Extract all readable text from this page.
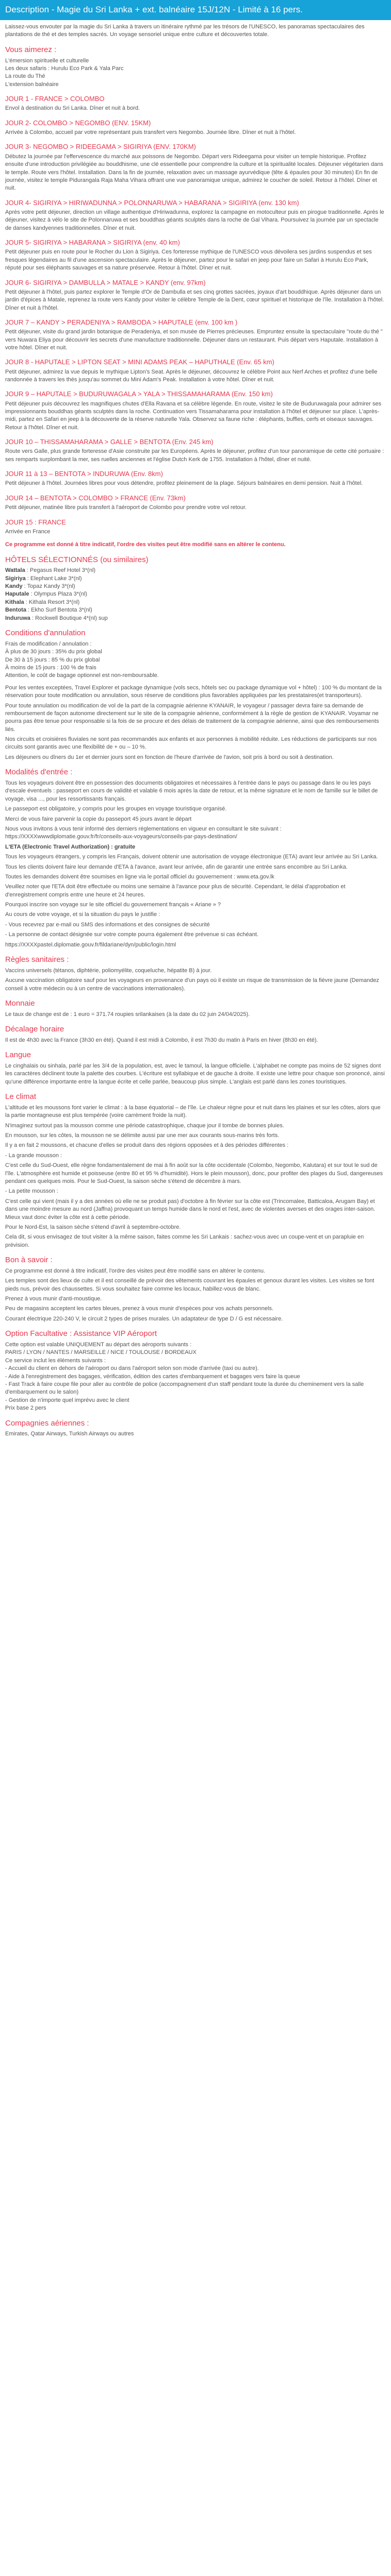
Description - Magie du Sri Lanka + ext. balnéaire 15J/12N - Limité à 16 pers.

Laissez-vous envouter par la magie du Sri Lanka à travers un itinéraire rythmé par les trésors de l'UNESCO, les panoramas spectaculaires des plantations de thé et des temples sacrés. Un voyage sensoriel unique entre culture et découvertes totale.

Vous aimerez :

L'émersion spirituelle et culturelle

Les deux safaris : Hurulu Eco Park & Yala Parc

La route du Thé

L'extension balnéaire

JOUR 1 - FRANCE > COLOMBO

Envol à destination du Sri Lanka. Dîner et nuit à bord.

JOUR 2- COLOMBO > NEGOMBO (ENV. 15KM)

Arrivée à Colombo, accueil par votre représentant puis transfert vers Negombo. Journée libre. Dîner et nuit à l'hôtel.

JOUR 3- NEGOMBO > RIDEEGAMA > SIGIRIYA (ENV. 170KM)

Débutez la journée par l'effervescence du marché aux poissons de Negombo. Départ vers Rideegama pour visiter un temple historique. Profitez ensuite d'une introduction privilégiée au bouddhisme, une clé essentielle pour comprendre la culture et la spiritualité locales. Déjeuner végétarien dans le temple. Route vers l'hôtel. Installation. Dans la fin de journée, relaxation avec un massage ayurvédique (tête & épaules pour 30 minutes) En fin de journée, visitez le temple Pidurangala Raja Maha Vihara offrant une vue panoramique unique, admirez le coucher de soleil. Retour à l'hôtel. Dîner et nuit.

JOUR 4- SIGIRIYA > HIRIWADUNNA > POLONNARUWA > HABARANA > SIGIRIYA (env. 130 km)

Après votre petit déjeuner, direction un village authentique d'Hiriwadunna, explorez la campagne en motoculteur puis en pirogue traditionnelle. Après le déjeuner, visitez à vélo le site de Polonnaruwa et ses bouddhas géants sculptés dans la roche de Gal Vihara. Poursuivez la journée par un spectacle de danses kandyennes traditionnelles. Dîner et nuit.

JOUR 5- SIGIRIYA > HABARANA > SIGIRIYA (env. 40 km)

Petit déjeuner puis en route pour le Rocher du Lion à Sigiriya. Ces forteresse mythique de l'UNESCO vous dévoilera ses jardins suspendus et ses fresques légendaires au fil d'une ascension spectaculaire. Après le déjeuner, partez pour le safari en jeep pour faire un Safari à Hurulu Eco Park, réputé pour ses éléphants sauvages et sa nature préservée. Retour à l'hôtel. Dîner et nuit.

JOUR 6- SIGIRIYA > DAMBULLA > MATALE > KANDY (env. 97km)

Petit déjeuner à l'hôtel, puis partez explorer le Temple d'Or de Dambulla et ses cinq grottes sacrées, joyaux d'art bouddhique. Après déjeuner dans un jardin d'épices à Matale, reprenez la route vers Kandy pour visiter le célèbre Temple de la Dent, cœur spirituel et historique de l'île. Installation à l'hôtel. Dîner et nuit à l'hôtel.

JOUR 7 – KANDY > PERADENIYA > RAMBODA > HAPUTALE (env. 100 km )

Petit déjeuner, visite du grand jardin botanique de Peradeniya, et son musée de Pierres précieuses. Empruntez ensuite la spectaculaire "route du thé " vers Nuwara Eliya pour découvrir les secrets d'une manufacture traditionnelle. Déjeuner dans un restaurant. Puis départ vers Haputale. Installation à votre hôtel. Dîner et nuit.

JOUR 8 - HAPUTALE > LIPTON SEAT > MINI ADAMS PEAK – HAPUTHALE (Env. 65 km)

Petit déjeuner, admirez la vue depuis le mythique Lipton's Seat. Après le déjeuner, découvrez le célèbre Point aux Nerf Arches et profitez d'une belle randonnée à travers les thés jusqu'au sommet du Mini Adam's Peak. Installation à votre hôtel. Dîner et nuit.

JOUR 9 – HAPUTALE > BUDURUWAGALA > YALA > THISSAMAHARAMA (Env. 150 km)

Petit déjeuner puis découvrez les magnifiques chutes d'Ella Ravana et sa célèbre légende. En route, visitez le site de Buduruwagala pour admirer ses impressionnants bouddhas géants sculptés dans la roche. Continuation vers Tissamaharama pour installation à l'hôtel et déjeuner sur place. L'après-midi, partez en Safari en jeep à la découverte de la réserve naturelle Yala. Observez sa faune riche : éléphants, buffles, cerfs et oiseaux sauvages. Retour à l'hôtel. Dîner et nuit.

JOUR 10 – THISSAMAHARAMA > GALLE > BENTOTA (Env. 245 km)

Route vers Galle, plus grande forteresse d'Asie construite par les Européens. Après le déjeuner, profitez d'un tour panoramique de cette cité portuaire : ses remparts surplombant la mer, ses ruelles anciennes et l'église Dutch Kerk de 1755. Installation à l'hôtel, dîner et nuité.

JOUR 11 à 13 – BENTOTA > INDURUWA (Env. 8km)

Petit déjeuner à l'hôtel. Journées libres pour vous détendre, profitez pleinement de la plage. Séjours balnéaires en demi pension. Nuit à l'hôtel.

JOUR 14 – BENTOTA > COLOMBO > FRANCE (Env. 73km)

Petit déjeuner, matinée libre puis transfert à l'aéroport de Colombo pour prendre votre vol retour.

JOUR 15 : FRANCE

Arrivée en France

Ce programme est donné à titre indicatif, l'ordre des visites peut être modifié sans en altérer le contenu.

HÔTELS SÉLECTIONNÉS (ou similaires)

Wattala : Pegasus Reef Hotel 3*(nl)

Sigiriya : Elephant Lake 3*(nl)

Kandy : Topaz Kandy 3*(nl)

Haputale : Olympus Plaza 3*(nl)

Kithala : Kithala Resort 3*(nl)

Bentota : Ekho Surf Bentota 3*(nl)

Induruwa : Rockwell Boutique 4*(nl) sup

Conditions d'annulation

Frais de modification / annulation :

À plus de 30 jours : 35% du prix global

De 30 à 15 jours : 85 % du prix global

À moins de 15 jours : 100 % de frais

Attention, le coût de bagage optionnel est non-remboursable.

Pour les ventes exceptées, Travel Explorer et package dynamique (vols secs, hôtels sec ou package dynamique vol + hôtel) : 100 % du montant de la réservation pour toute modification ou annulation, sous réserve de conditions plus favorables appliquées par les prestataires(et transporteurs).

Pour toute annulation ou modification de vol de la part de la compagnie aérienne KYANAIR, le voyageur / passager devra faire sa demande de remboursement de façon autonome directement sur le site de la compagnie aérienne, conformément à la règle de gestion de KYANAIR. Voyamar ne pourra pas être tenue pour responsable si la fois de se procure et des délais de traitement de la compagnie aérienne, ainsi que des remboursements liés.

Nos circuits et croisières fluviales ne sont pas recommandés aux enfants et aux personnes à mobilité réduite. Les réductions de participants sur nos circuits sont garantis avec une flexibilité de + ou – 10 %.

Les déjeuners ou dîners du 1er et dernier jours sont en fonction de l'heure d'arrivée de l'avion, soit pris à bord ou soit à destination.

Modalités d'entrée :

Tous les voyageurs doivent être en possession des documents obligatoires et nécessaires à l'entrée dans le pays ou passage dans le ou les pays d'escale éventuels : passeport en cours de validité et valable 6 mois après la date de retour, et la même signature et le nom de famille sur le billet de voyage, visa ..., pour les ressortissants français.

Le passeport est obligatoire, y compris pour les groupes en voyage touristique organisé.

Merci de vous faire parvenir la copie du passeport 45 jours avant le départ

Nous vous invitons à vous tenir informé des derniers réglementations en vigueur en consultant le site suivant : https://XXXXwwwdiplomatie.gouv.fr/fr/conseils-aux-voyageurs/conseils-par-pays-destination/

L'ETA (Electronic Travel Authorization) : gratuite

Tous les voyageurs étrangers, y compris les Français, doivent obtenir une autorisation de voyage électronique (ETA) avant leur arrivée au Sri Lanka.

Tous les clients doivent faire leur demande d'ETA à l'avance, avant leur arrivée, afin de garantir une entrée sans encombre au Sri Lanka.

Toutes les demandes doivent être soumises en ligne via le portail officiel du gouvernement : www.eta.gov.lk

Veuillez noter que l'ETA doit être effectuée ou moins une semaine à l'avance pour plus de sécurité. Cependant, le délai d'approbation et d'enregistrement compris entre une heure et 24 heures.

Pourquoi inscrire son voyage sur le site officiel du gouvernement français « Ariane » ?

Au cours de votre voyage, et si la situation du pays le justifie :

- Vous recevrez par e-mail ou SMS des informations et des consignes de sécurité

- La personne de contact désignée sur votre compte pourra également être prévenue si cas échéant.

https://XXXXpastel.diplomatie.gouv.fr/fildariane/dyn/public/login.html

Règles sanitaires :

Vaccins universels (tétanos, diphtérie, poliomyélite, coqueluche, hépatite B) à jour.

Aucune vaccination obligatoire sauf pour les voyageurs en provenance d'un pays où il existe un risque de transmission de la fièvre jaune (Demandez conseil à votre médecin ou à un centre de vaccinations internationales).

Monnaie

Le taux de change est de : 1 euro = 371.74 roupies srilankaises (à la date du 02 juin 24/04/2025).

Décalage horaire

Il est de 4h30 avec la France (3h30 en été). Quand il est midi à Colombo, il est 7h30 du matin à Paris en hiver (8h30 en été).

Langue

Le cinghalais ou sinhala, parlé par les 3/4 de la population, est, avec le tamoul, la langue officielle. L'alphabet ne compte pas moins de 52 signes dont les caractères déclinent toute la palette des courbes. L'écriture est syllabique et de gauche à droite. Il existe une lettre pour chaque son prononcé, ainsi qu'une différence importante entre la langue écrite et celle parlée, beaucoup plus simple. L'anglais est parlé dans les zones touristiques.

Le climat

L'altitude et les moussons font varier le climat : à la base équatorial – de l'île. Le chaleur règne pour et nuit dans les plaines et sur les côtes, alors que la partie montagneuse est plus tempérée (voire carrément froide la nuit).

N'imaginez surtout pas la mousson comme une période catastrophique, chaque jour il tombe de bonnes pluies.

En mousson, sur les côtes, la mousson ne se délimite aussi par une mer aux courants sous-marins très forts.

Il y a en fait 2 moussons, et chacune d'elles se produit dans des régions opposées et à des périodes différentes :

- La grande mousson :

C'est celle du Sud-Ouest, elle règne fondamentalement de mai à fin août sur la côte occidentale (Colombo, Negombo, Kalutara) et sur tout le sud de l'île. L'atmosphère est humide et poisseuse (entre 80 et 95 % d'humidité). Hors le plein mousson), donc, pour profiter des plages du Sud, dangereuses pendant ces quelques mois. Pour le Sud-Ouest, la saison sèche s'étend de décembre à mars.

- La petite mousson :

C'est celle qui vient (mais il y a des années où elle ne se produit pas) d'octobre à fin février sur la côte est (Trincomalee, Batticaloa, Arugam Bay) et dans une moindre mesure au nord (Jaffna) provoquant un temps humide dans le nord et l'est, avec de violentes averses et des orages inter-saison. Mieux vaut donc éviter la côte est à cette période.

Pour le Nord-Est, la saison sèche s'étend d'avril à septembre-octobre.

Cela dit, si vous envisagez de tout visiter à la même saison, faites comme les Sri Lankais : sachez-vous avec un coupe-vent et un parapluie en prévision.

Bon à savoir :

Ce programme est donné à titre indicatif, l'ordre des visites peut être modifié sans en altérer le contenu.

Les temples sont des lieux de culte et il est conseillé de prévoir des vêtements couvrant les épaules et genoux durant les visites. Les visites se font pieds nus, prévoir des chaussettes. Si vous souhaitez faire comme les locaux, habillez-vous de blanc.

Prenez à vous munir d'anti-moustique.

Peu de magasins acceptent les cartes bleues, prenez à vous munir d'espèces pour vos achats personnels.

Courant électrique 220-240 V, le circuit 2 types de prises murales. Un adaptateur de type D / G est nécessaire.

Option Facultative : Assistance VIP Aéroport

Cette option est valable UNIQUEMENT au départ des aéroports suivants :

PARIS / LYON / NANTES / MARSEILLE / NICE / TOULOUSE / BORDEAUX

Ce service inclut les éléments suivants :

- Accueil du client en dehors de l'aéroport ou dans l'aéroport selon son mode d'arrivée (taxi ou autre).

- Aide à l'enregistrement des bagages, vérification, édition des cartes d'embarquement et bagages vers faire la queue

- Fast Track à faire coupe file pour aller au contrôle de police (accompagnement d'un staff pendant toute la durée du cheminement vers la salle d'embarquement ou le salon)

- Gestion de n'importe quel imprévu avec le client

Prix base 2 pers

Compagnies aériennes :

Emirates, Qatar Airways, Turkish Airways ou autres
